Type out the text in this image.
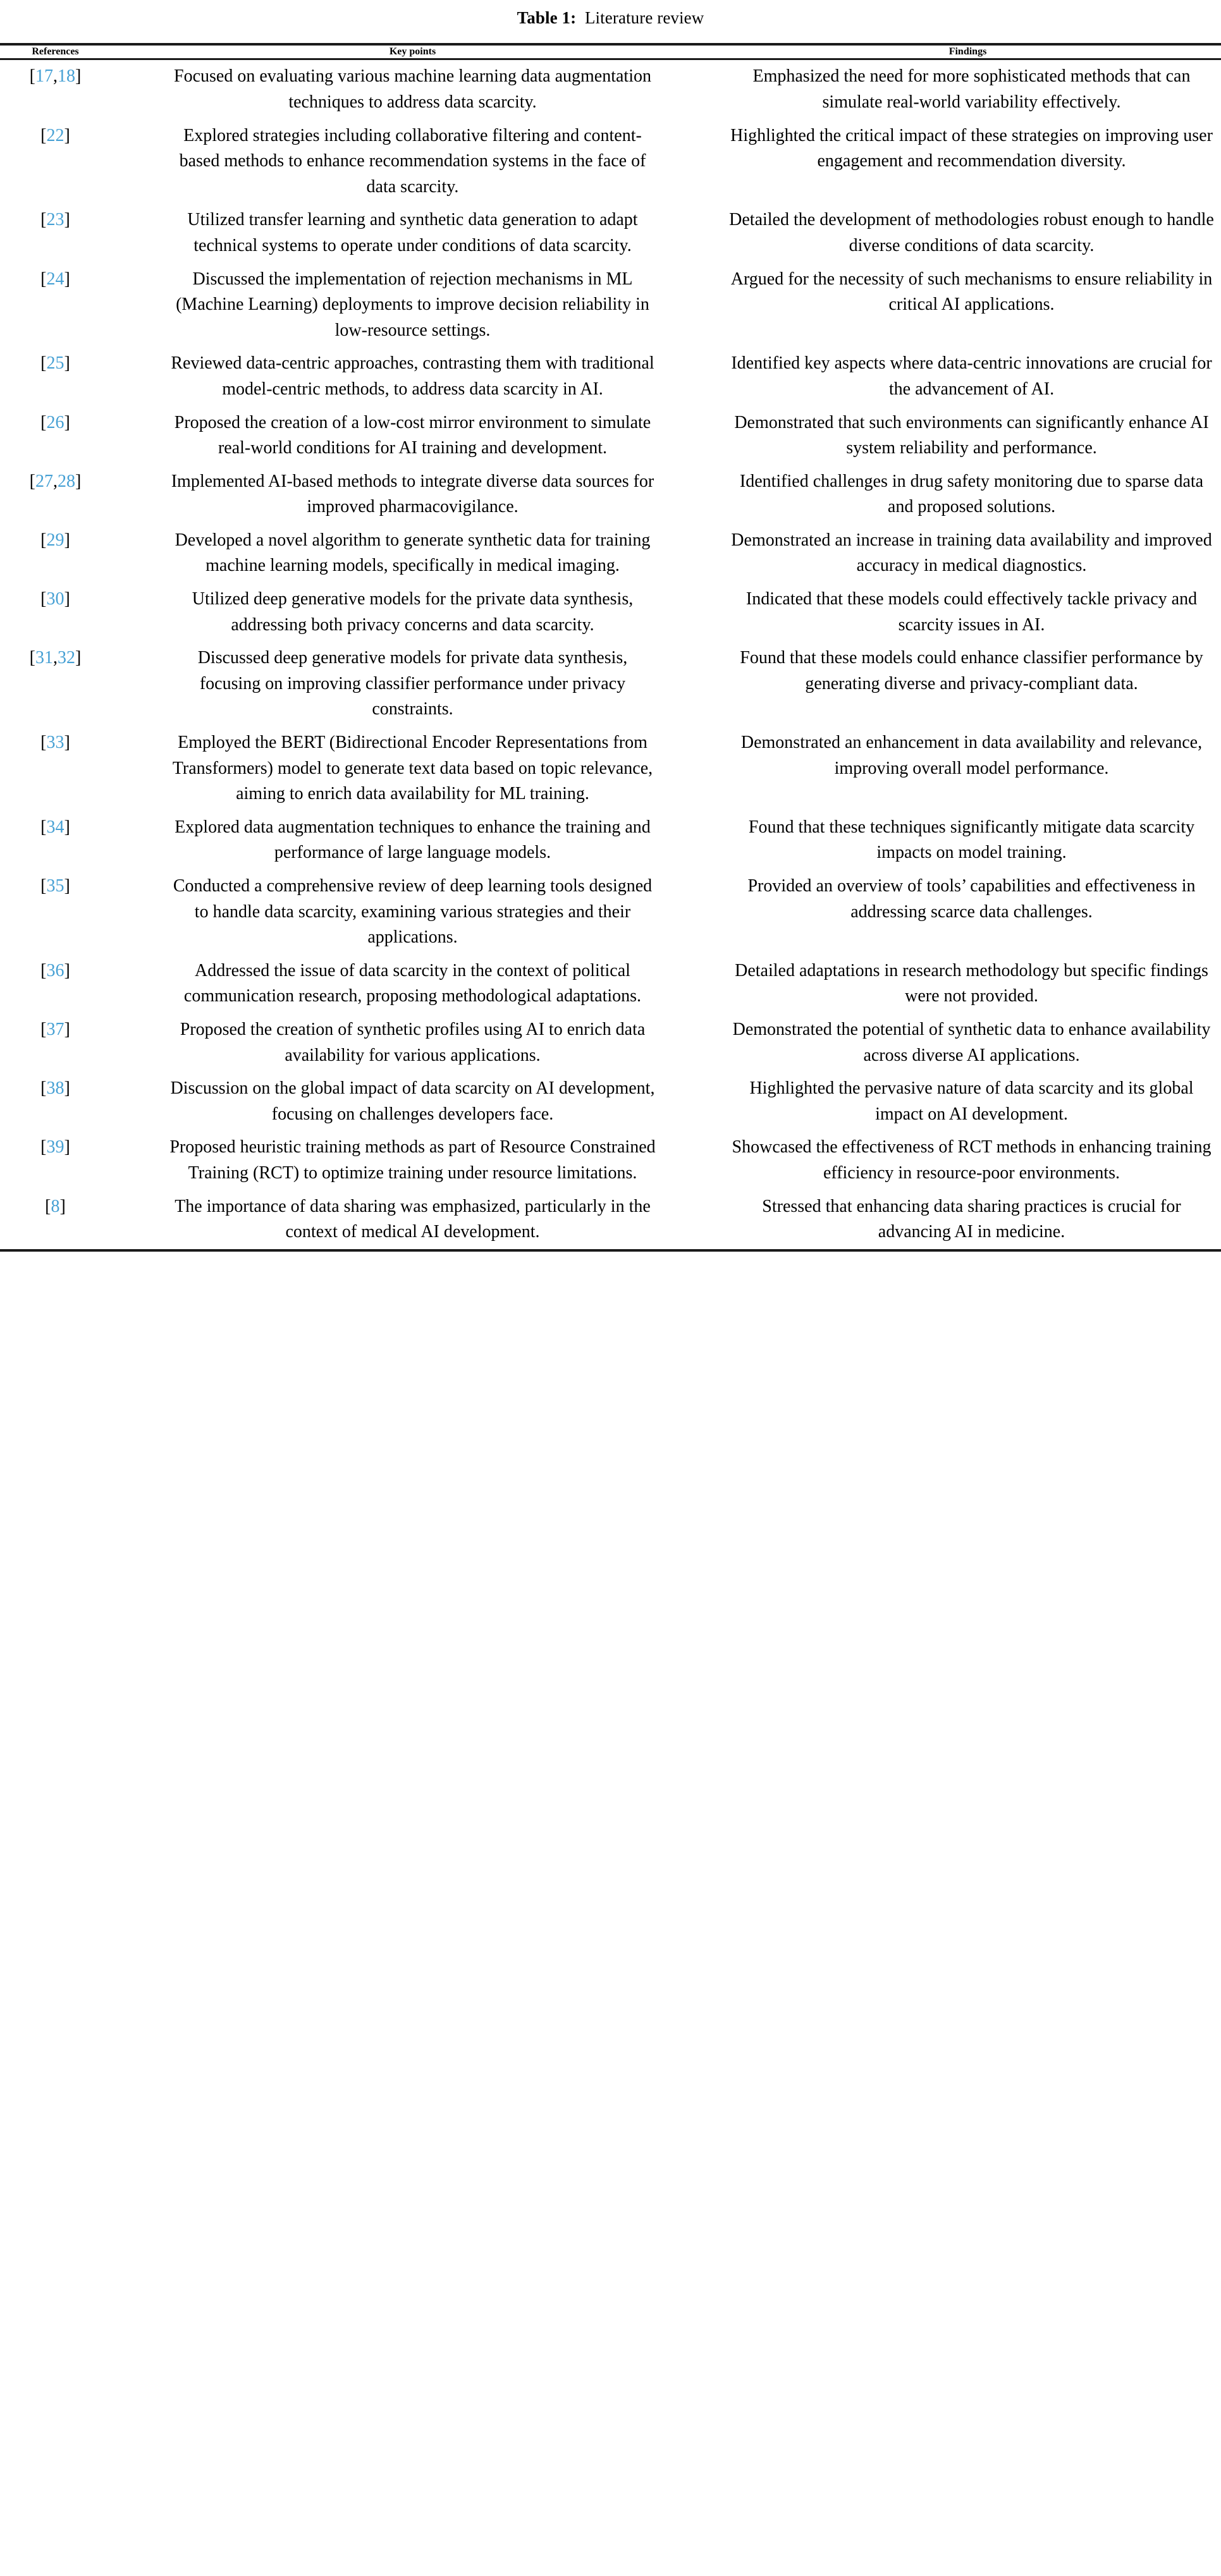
Table 1: Literature review

References	Key points	Findings

[17,18]	Focused on evaluating various machine learning data augmentation techniques to address data scarcity.	Emphasized the need for more sophisticated methods that can simulate real-world variability effectively.

[22]	Explored strategies including collaborative filtering and content-based methods to enhance recommendation systems in the face of data scarcity.	Highlighted the critical impact of these strategies on improving user engagement and recommendation diversity.

[23]	Utilized transfer learning and synthetic data generation to adapt technical systems to operate under conditions of data scarcity.	Detailed the development of methodologies robust enough to handle diverse conditions of data scarcity.

[24]	Discussed the implementation of rejection mechanisms in ML (Machine Learning) deployments to improve decision reliability in low-resource settings.	Argued for the necessity of such mechanisms to ensure reliability in critical AI applications.

[25]	Reviewed data-centric approaches, contrasting them with traditional model-centric methods, to address data scarcity in AI.	Identified key aspects where data-centric innovations are crucial for the advancement of AI.

[26]	Proposed the creation of a low-cost mirror environment to simulate real-world conditions for AI training and development.	Demonstrated that such environments can significantly enhance AI system reliability and performance.

[27,28]	Implemented AI-based methods to integrate diverse data sources for improved pharmacovigilance.	Identified challenges in drug safety monitoring due to sparse data and proposed solutions.

[29]	Developed a novel algorithm to generate synthetic data for training machine learning models, specifically in medical imaging.	Demonstrated an increase in training data availability and improved accuracy in medical diagnostics.

[30]	Utilized deep generative models for the private data synthesis, addressing both privacy concerns and data scarcity.	Indicated that these models could effectively tackle privacy and scarcity issues in AI.

[31,32]	Discussed deep generative models for private data synthesis, focusing on improving classifier performance under privacy constraints.	Found that these models could enhance classifier performance by generating diverse and privacy-compliant data.

[33]	Employed the BERT (Bidirectional Encoder Representations from Transformers) model to generate text data based on topic relevance, aiming to enrich data availability for ML training.	Demonstrated an enhancement in data availability and relevance, improving overall model performance.

[34]	Explored data augmentation techniques to enhance the training and performance of large language models.	Found that these techniques significantly mitigate data scarcity impacts on model training.

[35]	Conducted a comprehensive review of deep learning tools designed to handle data scarcity, examining various strategies and their applications.	Provided an overview of tools’ capabilities and effectiveness in addressing scarce data challenges.

[36]	Addressed the issue of data scarcity in the context of political communication research, proposing methodological adaptations.	Detailed adaptations in research methodology but specific findings were not provided.

[37]	Proposed the creation of synthetic profiles using AI to enrich data availability for various applications.	Demonstrated the potential of synthetic data to enhance availability across diverse AI applications.

[38]	Discussion on the global impact of data scarcity on AI development, focusing on challenges developers face.	Highlighted the pervasive nature of data scarcity and its global impact on AI development.

[39]	Proposed heuristic training methods as part of Resource Constrained Training (RCT) to optimize training under resource limitations.	Showcased the effectiveness of RCT methods in enhancing training efficiency in resource-poor environments.

[8]	The importance of data sharing was emphasized, particularly in the context of medical AI development.	Stressed that enhancing data sharing practices is crucial for advancing AI in medicine.
